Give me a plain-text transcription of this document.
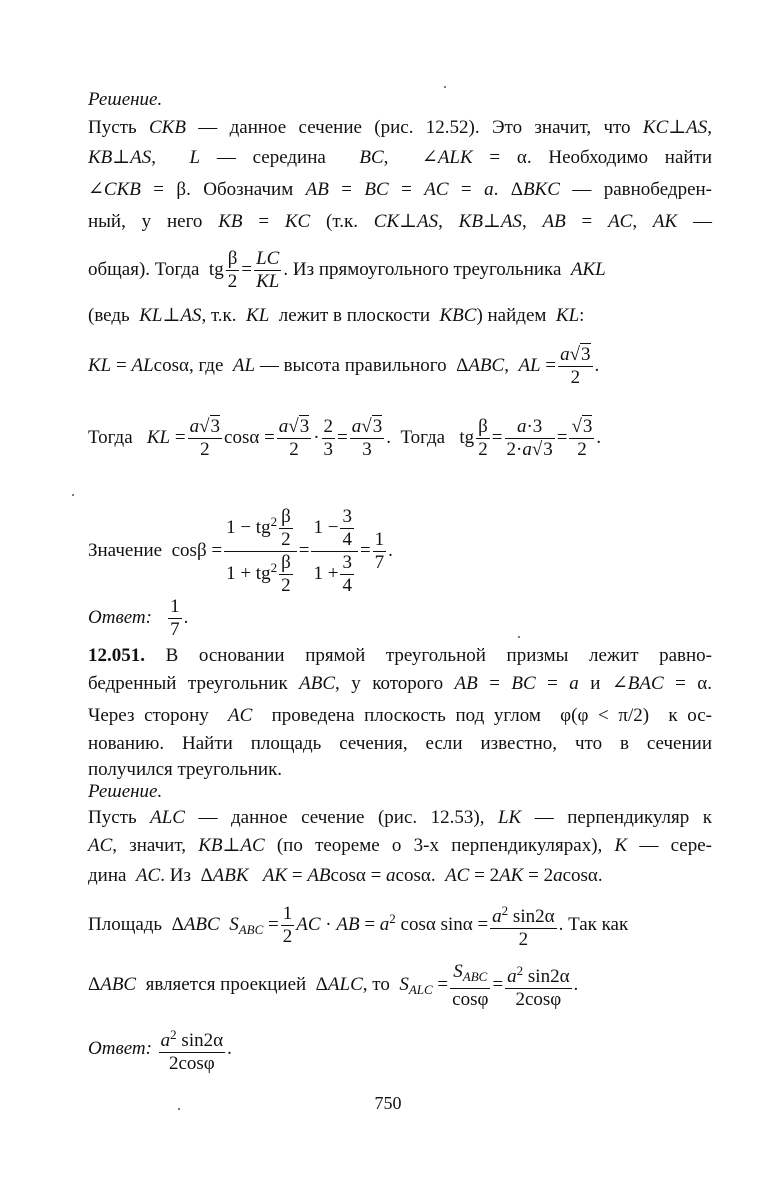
Решение.
Пусть CKB — данное сечение (рис. 12.52). Это значит, что KC⊥AS,
KB⊥AS,  L — середина  BC,  ∠ALK = α. Необходимо найти
∠CKB = β. Обозначим AB = BC = AC = a. ΔBKC — равнобедрен-
ный, у него KB = KC (т.к. CK⊥AS, KB⊥AS, AB = AC, AK —
общая). Тогда  tg $\frac{\beta}{2} = \frac{LC}{KL}$ . Из прямоугольного треугольника  AKL
(ведь  KL⊥AS, т.к.  KL  лежит в плоскости  KBC) найдем  KL:
KL = ALcosα, где  AL — высота правильного  ΔABC,  AL = $\frac{a√3}{2}$ .
Тогда   KL = $\frac{a√3}{2}$ $\cos\alpha = \frac{a√3}{2} \cdot \frac{2}{3} = \frac{a√3}{3}$ .  Тогда   tg $\frac{\beta}{2} = \frac{a\cdot 3}{2\cdot a√3} = \frac{√3}{2}$ .
Значение  $\cos\beta = \frac{1 - tg^2 \frac{\beta}{2}}{1 + tg^2 \frac{\beta}{2}} = \frac{1 - \frac{3}{4}}{1 + \frac{3}{4}} = \frac{1}{7}$ .
Ответ: $\frac{1}{7}$ .
12.051. В основании прямой треугольной призмы лежит равно-
бедренный треугольник ABC, у которого AB = BC = a и ∠BAC = α.
Через сторону  AC  проведена плоскость под углом  φ(φ < π/2)  к ос-
нованию. Найти площадь сечения, если известно, что в сечении
получился треугольник.
Решение.
Пусть ALC — данное сечение (рис. 12.53), LK — перпендикуляр к
AC, значит, KB⊥AC (по теореме о 3-х перпендикулярах), K — сере-
дина  AC. Из  ΔABK AK = ABcosα = acosα.  AC = 2AK = 2acosα.
Площадь  ΔABC $S_{ABC} = \frac{1}{2}$ AC · AB = $a^2$ cosα $\sin\alpha = \frac{a^2 \sin 2\alpha}{2}$ . Так как
ΔABC  является проекцией  ΔALC, то  $S_{ALC} = \frac{S_{ABC}}{\cos\varphi} = \frac{a^2 \sin 2\alpha}{2\cos\varphi}$ .
Ответ: $\frac{a^2 \sin 2\alpha}{2\cos\varphi}$ .
750
